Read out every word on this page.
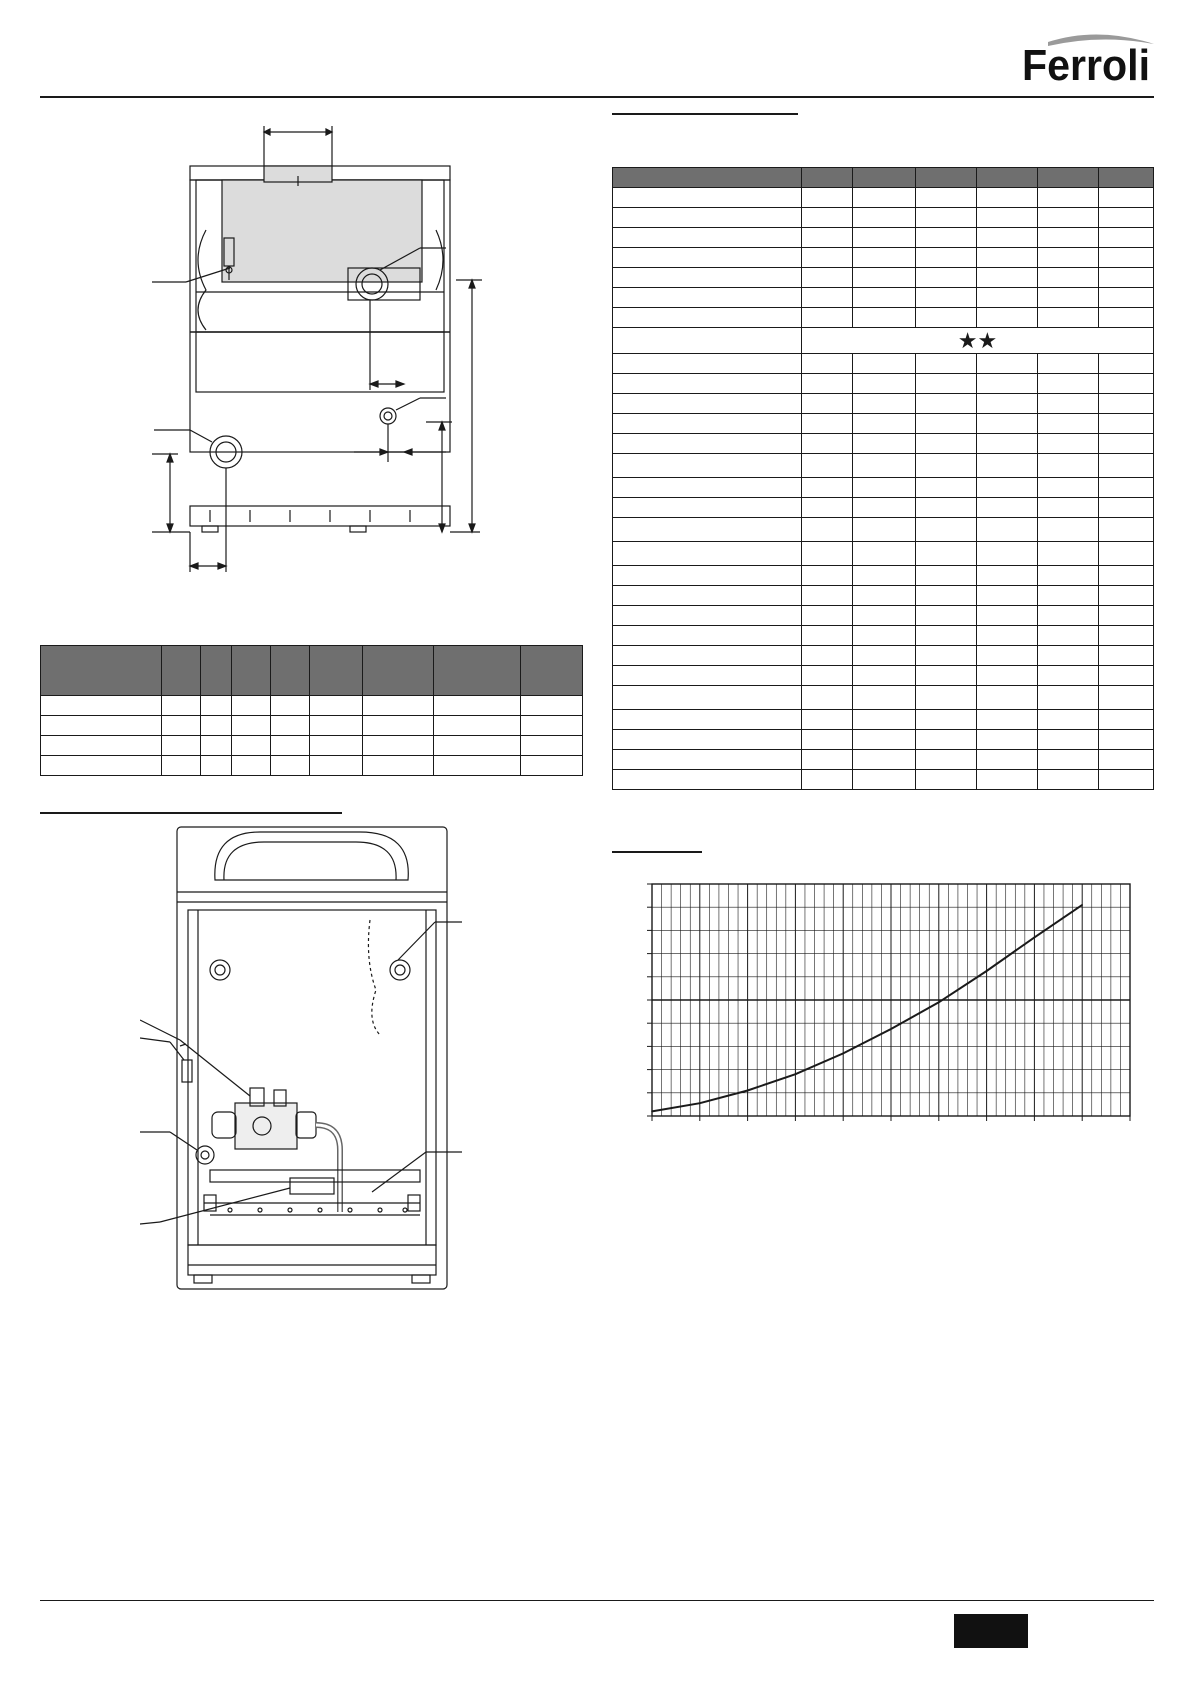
Ferroli

	★★					
